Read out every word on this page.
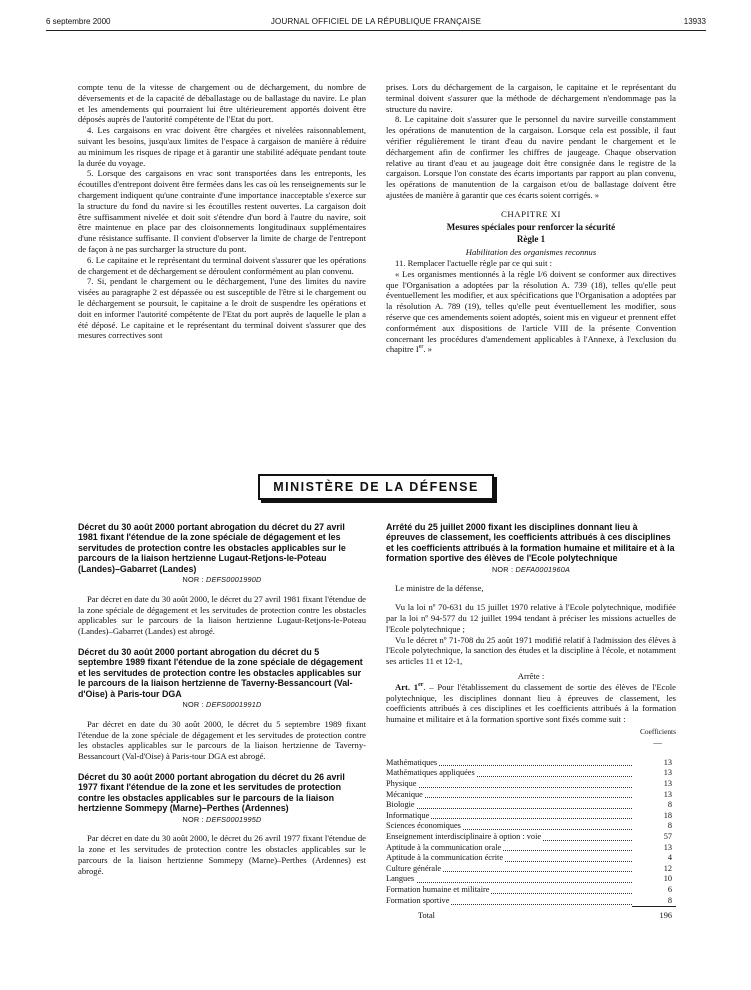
6 septembre 2000	JOURNAL OFFICIEL DE LA RÉPUBLIQUE FRANÇAISE	13933

compte tenu de la vitesse de chargement ou de déchargement, du nombre de déversements et de la capacité de déballastage ou de ballastage du navire. Le plan et les amendements qui pourraient lui être ultérieurement apportés doivent être déposés auprès de l'autorité compétente de l'Etat du port.

4. Les cargaisons en vrac doivent être chargées et nivelées raisonnablement, suivant les besoins, jusqu'aux limites de l'espace à cargaison de manière à réduire au minimum les risques de ripage et à garantir une stabilité adéquate pendant toute la durée du voyage.

5. Lorsque des cargaisons en vrac sont transportées dans les entreponts, les écoutilles d'entrepont doivent être fermées dans les cas où les renseignements sur le chargement indiquent qu'une contrainte d'une importance inacceptable s'exerce sur la structure du fond du navire si les écoutilles restent ouvertes. La cargaison doit être suffisamment nivelée et doit soit s'étendre d'un bord à l'autre du navire, soit être maintenue en place par des cloisonnements longitudinaux supplémentaires d'une résistance suffisante. Il convient d'observer la limite de charge de l'entrepont de façon à ne pas surcharger la structure du pont.

6. Le capitaine et le représentant du terminal doivent s'assurer que les opérations de chargement et de déchargement se déroulent conformément au plan convenu.

7. Si, pendant le chargement ou le déchargement, l'une des limites du navire visées au paragraphe 2 est dépassée ou est susceptible de l'être si le chargement ou le déchargement se poursuit, le capitaine a le droit de suspendre les opérations et doit en informer l'autorité compétente de l'Etat du port auprès de laquelle le plan a été déposé. Le capitaine et le représentant du terminal doivent s'assurer que des mesures correctives sont

prises. Lors du déchargement de la cargaison, le capitaine et le représentant du terminal doivent s'assurer que la méthode de déchargement n'endommage pas la structure du navire.

8. Le capitaine doit s'assurer que le personnel du navire surveille constamment les opérations de manutention de la cargaison. Lorsque cela est possible, il faut vérifier régulièrement le tirant d'eau du navire pendant le chargement et le déchargement afin de confirmer les chiffres de jaugeage. Chaque observation relative au tirant d'eau et au jaugeage doit être consignée dans le registre de la cargaison. Lorsque l'on constate des écarts importants par rapport au plan convenu, les opérations de manutention de la cargaison et/ou de ballastage doivent être ajustées de manière à garantir que ces écarts soient corrigés. »

CHAPITRE XI

Mesures spéciales pour renforcer la sécurité

Règle 1

Habilitation des organismes reconnus

11. Remplacer l'actuelle règle par ce qui suit :

« Les organismes mentionnés à la règle I/6 doivent se conformer aux directives que l'Organisation a adoptées par la résolution A. 739 (18), telles qu'elle peut éventuellement les modifier, et aux spécifications que l'Organisation a adoptées par la résolution A. 789 (19), telles qu'elle peut éventuellement les modifier, sous réserve que ces amendements soient adoptés, soient mis en vigueur et prennent effet conformément aux dispositions de l'article VIII de la présente Convention concernant les procédures d'amendement applicables à l'Annexe, à l'exclusion du chapitre Ier. »

MINISTÈRE DE LA DÉFENSE

Décret du 30 août 2000 portant abrogation du décret du 27 avril 1981 fixant l'étendue de la zone spéciale de dégagement et les servitudes de protection contre les obstacles applicables sur le parcours de la liaison hertzienne Lugaut-Retjons-le-Poteau (Landes)–Gabarret (Landes)

NOR : DEFS0001990D

Par décret en date du 30 août 2000, le décret du 27 avril 1981 fixant l'étendue de la zone spéciale de dégagement et les servitudes de protection contre les obstacles applicables sur le parcours de la liaison hertzienne Lugaut-Retjons-le-Poteau (Landes)–Gabarret (Landes) est abrogé.

Décret du 30 août 2000 portant abrogation du décret du 5 septembre 1989 fixant l'étendue de la zone spéciale de dégagement et les servitudes de protection contre les obstacles applicables sur le parcours de la liaison hertzienne de Taverny-Bessancourt (Val-d'Oise) à Paris-tour DGA

NOR : DEFS0001991D

Par décret en date du 30 août 2000, le décret du 5 septembre 1989 fixant l'étendue de la zone spéciale de dégagement et les servitudes de protection contre les obstacles applicables sur le parcours de la liaison hertzienne de Taverny-Bessancourt (Val-d'Oise) à Paris-tour DGA est abrogé.

Décret du 30 août 2000 portant abrogation du décret du 26 avril 1977 fixant l'étendue de la zone et les servitudes de protection contre les obstacles applicables sur le parcours de la liaison hertzienne Sommepy (Marne)–Perthes (Ardennes)

NOR : DEFS0001995D

Par décret en date du 30 août 2000, le décret du 26 avril 1977 fixant l'étendue de la zone et les servitudes de protection contre les obstacles applicables sur le parcours de la liaison hertzienne Sommepy (Marne)–Perthes (Ardennes) est abrogé.

Arrêté du 25 juillet 2000 fixant les disciplines donnant lieu à épreuves de classement, les coefficients attribués à ces disciplines et les coefficients attribués à la formation humaine et militaire et à la formation sportive des élèves de l'Ecole polytechnique

NOR : DEFA0001960A

Le ministre de la défense,

Vu la loi nº 70-631 du 15 juillet 1970 relative à l'Ecole polytechnique, modifiée par la loi nº 94-577 du 12 juillet 1994 tendant à préciser les missions actuelles de l'Ecole polytechnique ;

Vu le décret nº 71-708 du 25 août 1971 modifié relatif à l'admission des élèves à l'Ecole polytechnique, la sanction des études et la discipline à l'école, et notamment ses articles 11 et 12-1,

Arrête :

Art. 1er. – Pour l'établissement du classement de sortie des élèves de l'Ecole polytechnique, les disciplines donnant lieu à épreuves de classement, les coefficients attribués à ces disciplines et les coefficients attribués à la formation humaine et militaire et à la formation sportive sont fixés comme suit :

Coefficients

—

Mathématiques	13

Mathématiques appliquées	13

Physique	13

Mécanique	13

Biologie	8

Informatique	18

Sciences économiques	8

Enseignement interdisciplinaire à option : voie	57

Aptitude à la communication orale	13

Aptitude à la communication écrite	4

Culture générale	12

Langues	10

Formation humaine et militaire	6

Formation sportive	8
Total	196
